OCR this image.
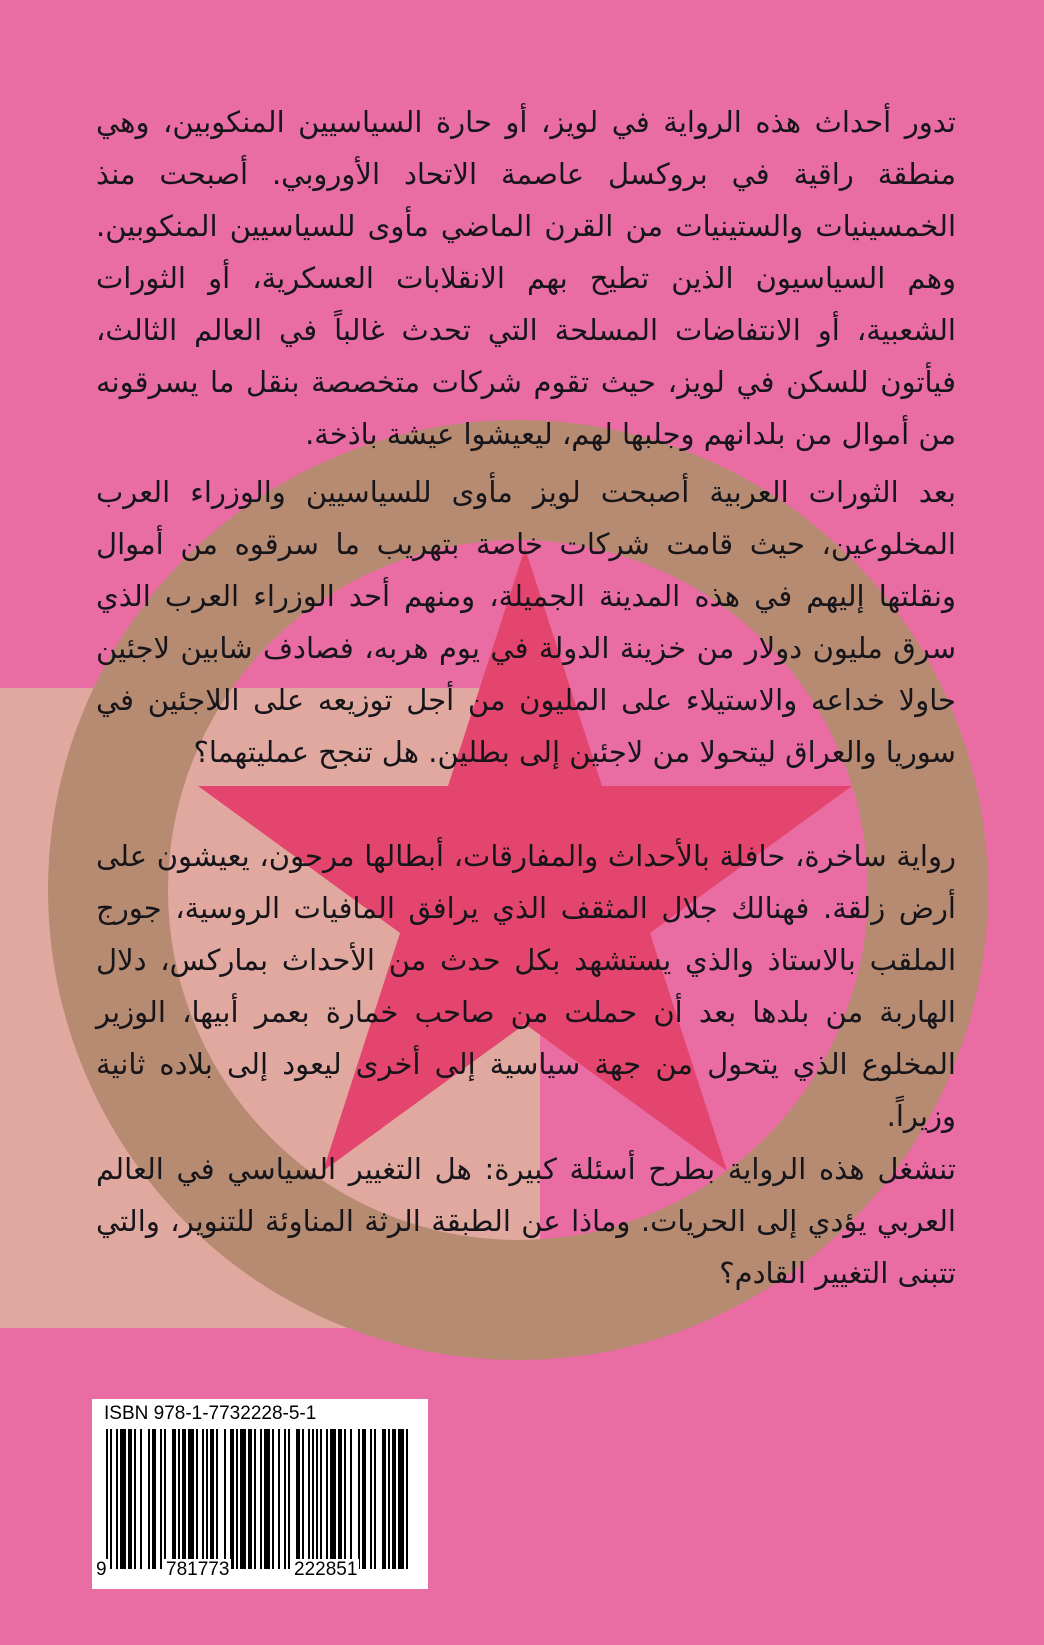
تدور أحداث هذه الرواية في لويز، أو حارة السياسيين المنكوبين، وهي منطقة راقية في بروكسل عاصمة الاتحاد الأوروبي. أصبحت منذ الخمسينيات والستينيات من القرن الماضي مأوى للسياسيين المنكوبين. وهم السياسيون الذين تطيح بهم الانقلابات العسكرية، أو الثورات الشعبية، أو الانتفاضات المسلحة التي تحدث غالباً في العالم الثالث، فيأتون للسكن في لويز، حيث تقوم شركات متخصصة بنقل ما يسرقونه من أموال من بلدانهم وجلبها لهم، ليعيشوا عيشة باذخة.

بعد الثورات العربية أصبحت لويز مأوى للسياسيين والوزراء العرب المخلوعين، حيث قامت شركات خاصة بتهريب ما سرقوه من أموال ونقلتها إليهم في هذه المدينة الجميلة، ومنهم أحد الوزراء العرب الذي سرق مليون دولار من خزينة الدولة في يوم هربه، فصادف شابين لاجئين حاولا خداعه والاستيلاء على المليون من أجل توزيعه على اللاجئين في سوريا والعراق ليتحولا من لاجئين إلى بطلين. هل تنجح عمليتهما؟

رواية ساخرة، حافلة بالأحداث والمفارقات، أبطالها مرحون، يعيشون على أرض زلقة. فهنالك جلال المثقف الذي يرافق المافيات الروسية، جورج الملقب بالاستاذ والذي يستشهد بكل حدث من الأحداث بماركس، دلال الهاربة من بلدها بعد أن حملت من صاحب خمارة بعمر أبيها، الوزير المخلوع الذي يتحول من جهة سياسية إلى أخرى ليعود إلى بلاده ثانية وزيراً.

تنشغل هذه الرواية بطرح أسئلة كبيرة: هل التغيير السياسي في العالم العربي يؤدي إلى الحريات. وماذا عن الطبقة الرثة المناوئة للتنوير، والتي تتبنى التغيير القادم؟

ISBN 978-1-7732228-5-1
9	781773	222851
